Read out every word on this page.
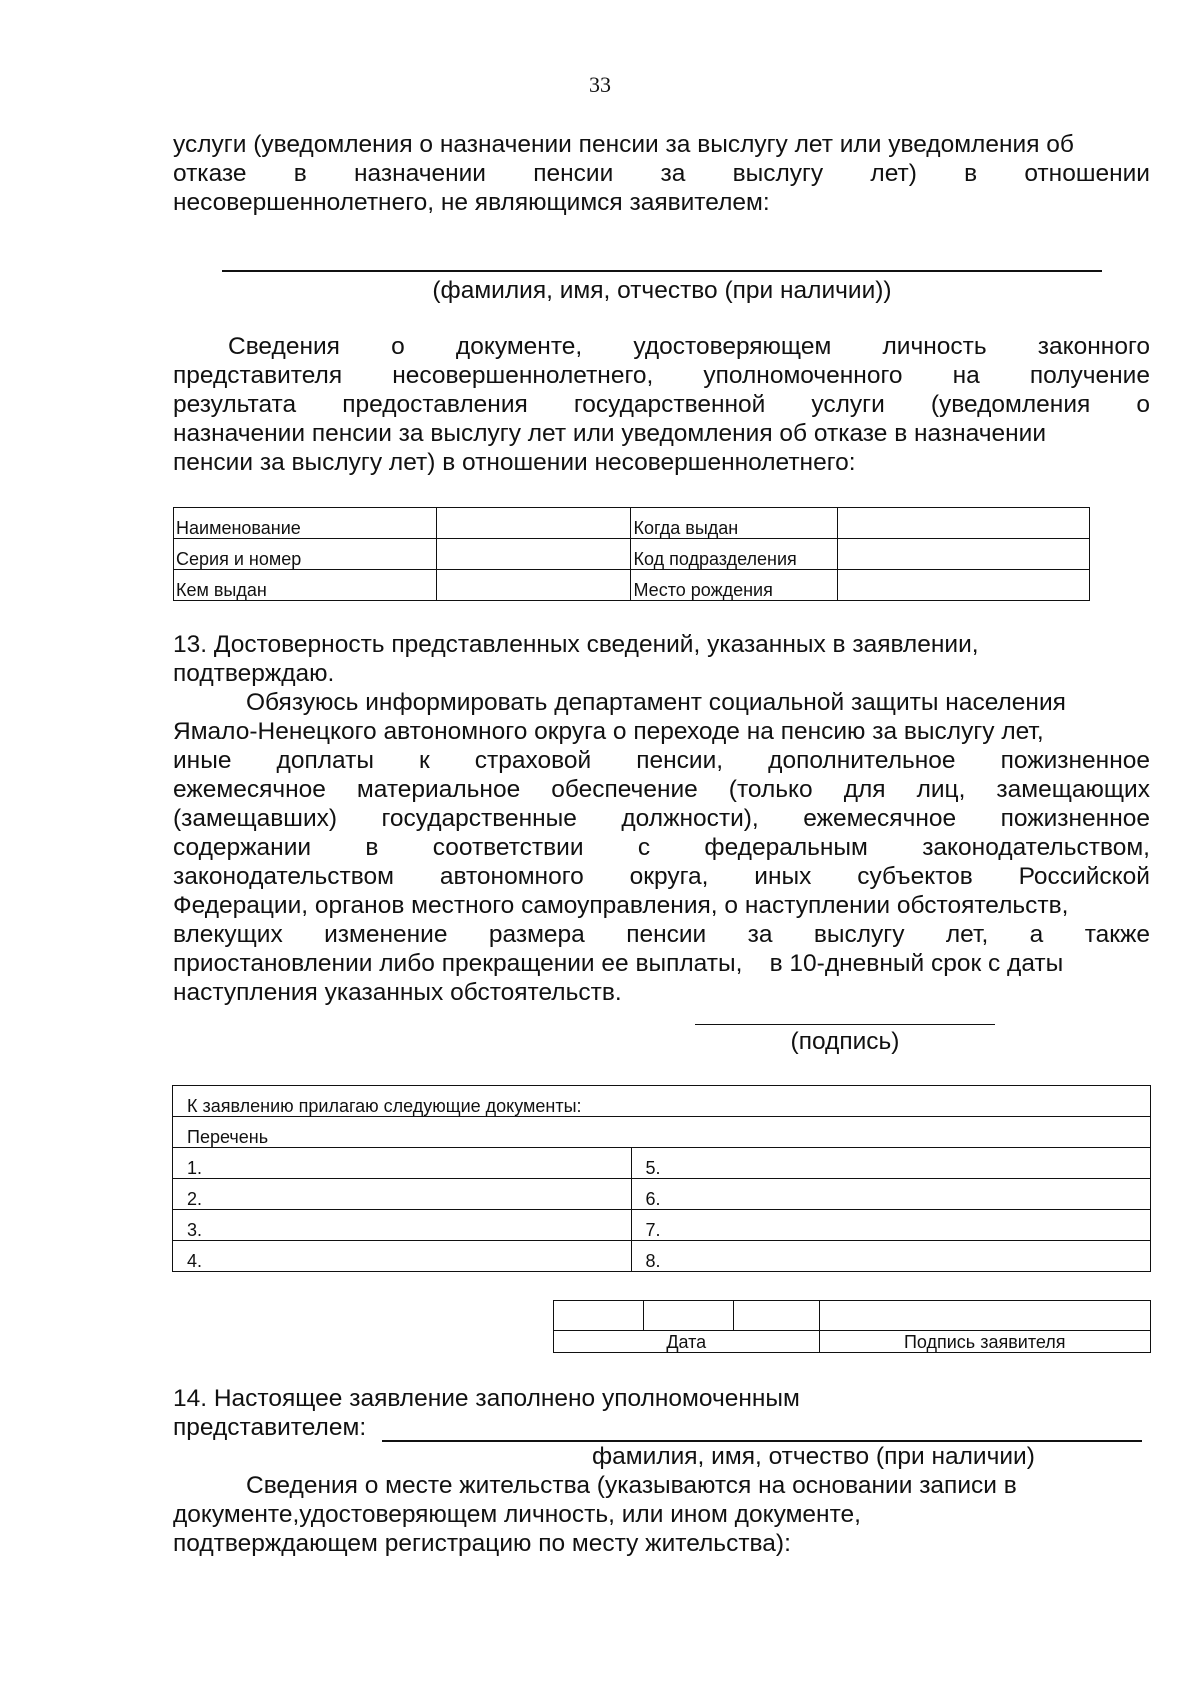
33
услуги (уведомления о назначении пенсии за выслугу лет или уведомления об
отказе в назначении пенсии за выслугу лет) в отношении
несовершеннолетнего, не являющимся заявителем:
(фамилия, имя, отчество (при наличии))
Сведения о документе, удостоверяющем личность законного
представителя несовершеннолетнего, уполномоченного на получение
результата предоставления государственной услуги (уведомления о
назначении пенсии за выслугу лет или уведомления об отказе в назначении
пенсии за выслугу лет) в отношении несовершеннолетнего:
Наименование		Когда выдан	
Серия и номер		Код подразделения	
Кем выдан		Место рождения	
13. Достоверность представленных сведений, указанных в заявлении,
подтверждаю.
Обязуюсь информировать департамент социальной защиты населения
Ямало-Ненецкого автономного округа о переходе на пенсию за выслугу лет,
иные доплаты к страховой пенсии, дополнительное пожизненное
ежемесячное материальное обеспечение (только для лиц, замещающих
(замещавших) государственные должности), ежемесячное пожизненное
содержании в соответствии с федеральным законодательством,
законодательством автономного округа, иных субъектов Российской
Федерации, органов местного самоуправления, о наступлении обстоятельств,
влекущих изменение размера пенсии за выслугу лет, а также
приостановлении либо прекращении ее выплаты,    в 10-дневный срок с даты
наступления указанных обстоятельств.
(подпись)
К заявлению прилагаю следующие документы:	
Перечень	
1.	5.
2.	6.
3.	7.
4.	8.

Дата			Подпись заявителя
14. Настоящее заявление заполнено уполномоченным
представителем:
фамилия, имя, отчество (при наличии)
Сведения о месте жительства (указываются на основании записи в
документе,удостоверяющем личность, или ином документе,
подтверждающем регистрацию по месту жительства):
